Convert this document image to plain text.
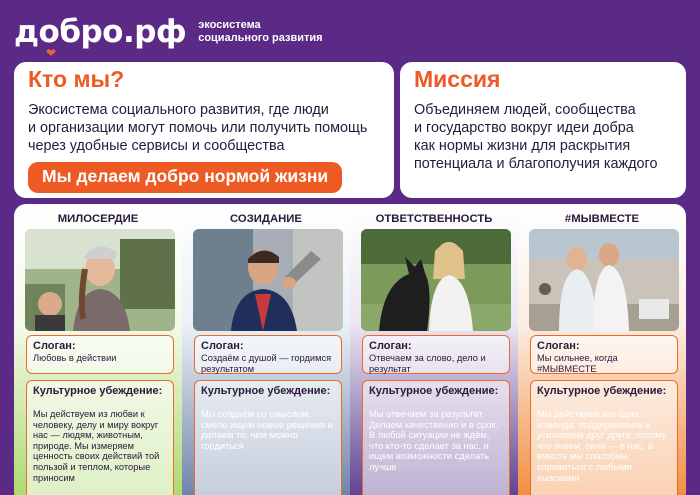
добро.рф
❤
экосистема
социального развития
Кто мы?
Экосистема социального развития, где люди
и организации могут помочь или получить помощь
через удобные сервисы и сообщества
Мы делаем добро нормой жизни
Миссия
Объединяем людей, сообщества
и государство вокруг идеи добра
как нормы жизни для раскрытия
потенциала и благополучия каждого
МИЛОСЕРДИЕ
Слоган:
Любовь в действии
Культурное убеждение:
Мы действуем из любви к человеку, делу и миру вокруг нас — людям, животным, природе. Мы измеряем ценность своих действий той пользой и теплом, которые приносим
СОЗИДАНИЕ
Слоган:
Создаём с душой — гордимся результатом
Культурное убеждение:
Мы создаём со смыслом, смело ищем новые решения и делаем то, чем можно гордиться
ОТВЕТСТВЕННОСТЬ
Слоган:
Отвечаем за слово, дело и результат
Культурное убеждение:
Мы отвечаем за результат. Делаем качественно и в срок. В любой ситуации не ждём, что кто-то сделает за нас, и ищем возможности сделать лучше
#МЫВМЕСТЕ
Слоган:
Мы сильнее, когда #МЫВМЕСТЕ
Культурное убеждение:
Мы действуем как одна команда, поддерживаем и усиливаем друг друга, потому что знаем: сила — в нас, а вместе мы способны справиться с любыми вызовами
